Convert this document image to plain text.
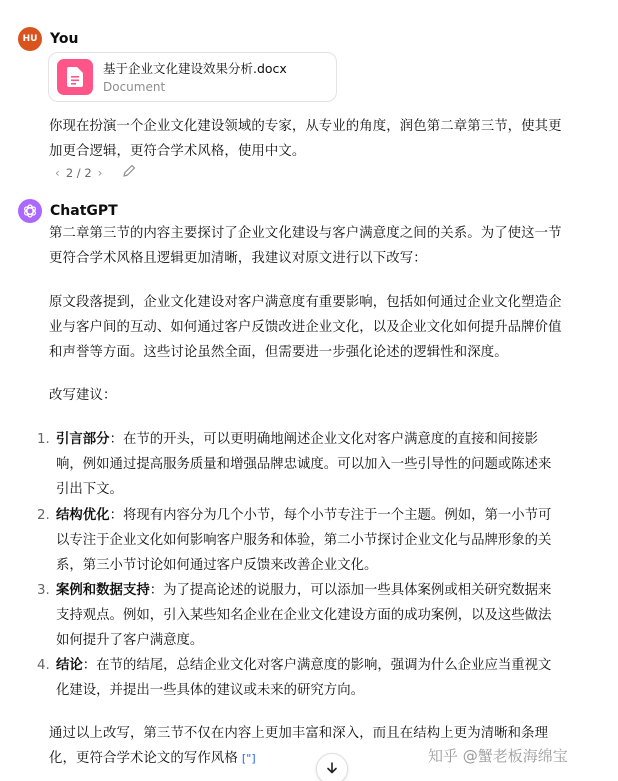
HU You
基于企业文化建设效果分析.docx
Document
你现在扮演一个企业文化建设领域的专家，从专业的角度，润色第二章第三节，使其更
加更合逻辑，更符合学术风格，使用中文。
‹ 2 / 2 ›
ChatGPT
第二章第三节的内容主要探讨了企业文化建设与客户满意度之间的关系。为了使这一节
更符合学术风格且逻辑更加清晰，我建议对原文进行以下改写：
原文段落提到，企业文化建设对客户满意度有重要影响，包括如何通过企业文化塑造企
业与客户间的互动、如何通过客户反馈改进企业文化，以及企业文化如何提升品牌价值
和声誉等方面。这些讨论虽然全面，但需要进一步强化论述的逻辑性和深度。
改写建议：
1. 引言部分：在节的开头，可以更明确地阐述企业文化对客户满意度的直接和间接影
响，例如通过提高服务质量和增强品牌忠诚度。可以加入一些引导性的问题或陈述来
引出下文。
2. 结构优化：将现有内容分为几个小节，每个小节专注于一个主题。例如，第一小节可
以专注于企业文化如何影响客户服务和体验，第二小节探讨企业文化与品牌形象的关
系，第三小节讨论如何通过客户反馈来改善企业文化。
3. 案例和数据支持：为了提高论述的说服力，可以添加一些具体案例或相关研究数据来
支持观点。例如，引入某些知名企业在企业文化建设方面的成功案例，以及这些做法
如何提升了客户满意度。
4. 结论：在节的结尾，总结企业文化对客户满意度的影响，强调为什么企业应当重视文
化建设，并提出一些具体的建议或未来的研究方向。
通过以上改写，第三节不仅在内容上更加丰富和深入，而且在结构上更为清晰和条理
化，更符合学术论文的写作风格 ["]	知乎 @蟹老板海绵宝
